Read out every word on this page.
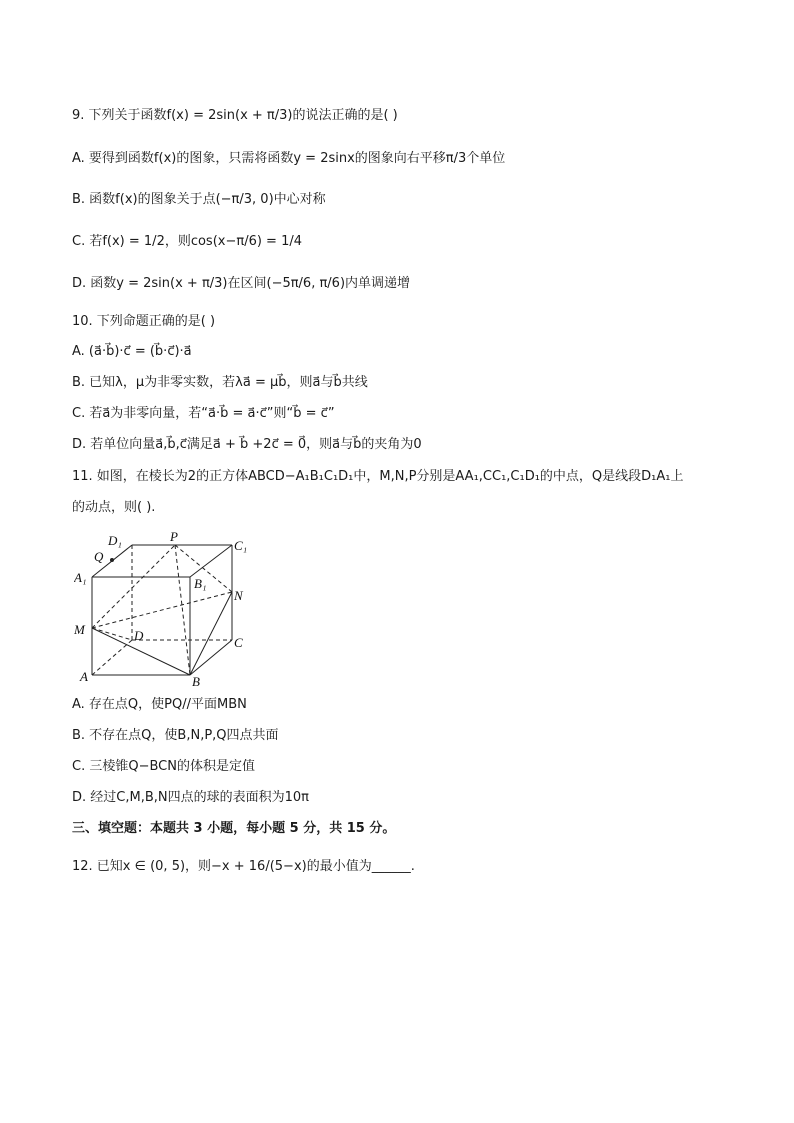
9. 下列关于函数f(x) = 2sin(x + π/3)的说法正确的是( )
A. 要得到函数f(x)的图象，只需将函数y = 2sinx的图象向右平移π/3个单位
B. 函数f(x)的图象关于点(−π/3, 0)中心对称
C. 若f(x) = 1/2，则cos(x−π/6) = 1/4
D. 函数y = 2sin(x + π/3)在区间(−5π/6, π/6)内单调递增
10. 下列命题正确的是( )
A. (a⃗·b⃗)·c⃗ = (b⃗·c⃗)·a⃗
B. 已知λ，μ为非零实数，若λa⃗ = μb⃗，则a⃗与b⃗共线
C. 若a⃗为非零向量，若“a⃗·b⃗ = a⃗·c⃗”则“b⃗ = c⃗”
D. 若单位向量a⃗,b⃗,c⃗满足a⃗ + b⃗ +2c⃗ = 0⃗，则a⃗与b⃗的夹角为0
11. 如图，在棱长为2的正方体ABCD−A₁B₁C₁D₁中，M,N,P分别是AA₁,CC₁,C₁D₁的中点，Q是线段D₁A₁上
的动点，则( ).
D₁
Q
P
C₁
A₁	B₁
N
M	D	C
A	B
A. 存在点Q，使PQ//平面MBN
B. 不存在点Q，使B,N,P,Q四点共面
C. 三棱锥Q−BCN的体积是定值
D. 经过C,M,B,N四点的球的表面积为10π
三、填空题：本题共 3 小题，每小题 5 分，共 15 分。
12. 已知x ∈ (0, 5)，则−x + 16/(5−x)的最小值为______.
